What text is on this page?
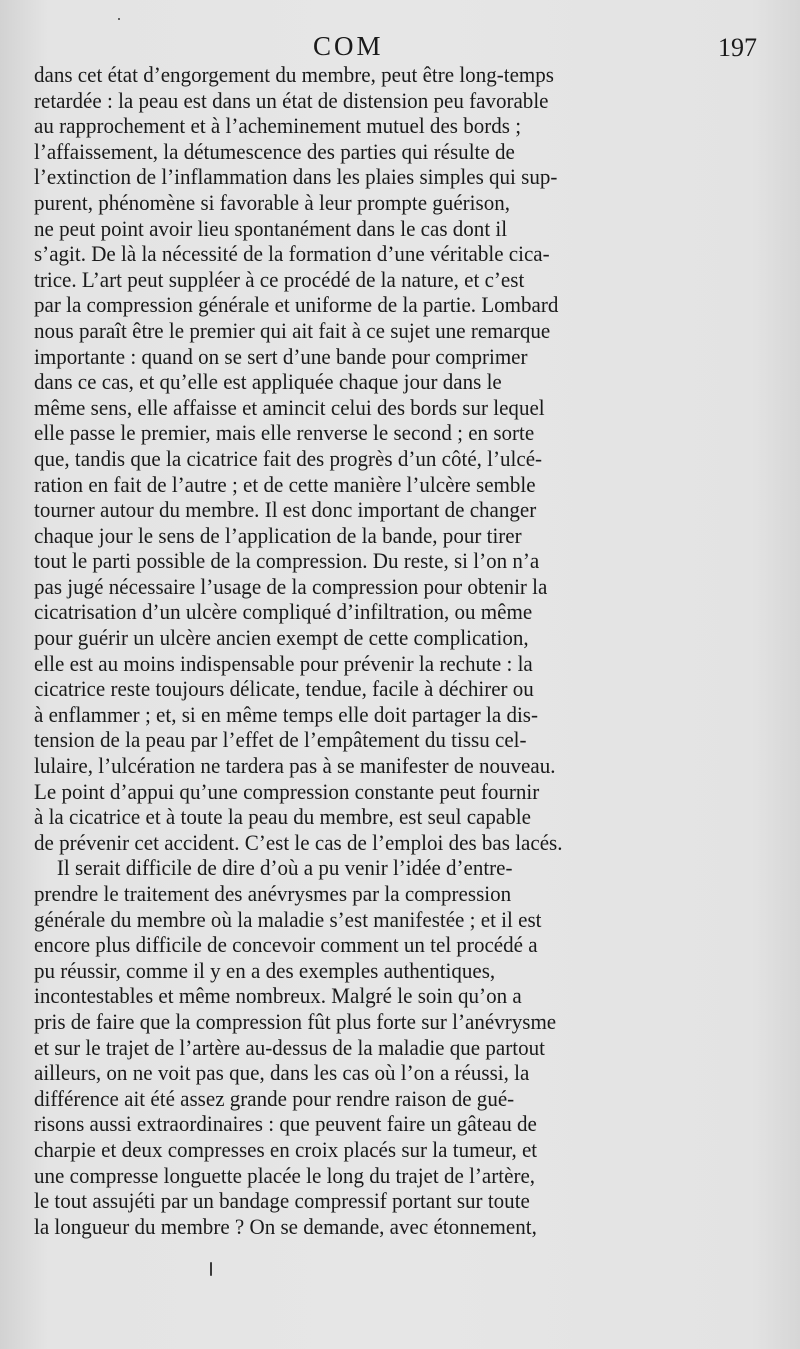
COM	197
dans cet état d’engorgement du membre, peut être long-temps
retardée : la peau est dans un état de distension peu favorable
au rapprochement et à l’acheminement mutuel des bords ;
l’affaissement, la détumescence des parties qui résulte de
l’extinction de l’inflammation dans les plaies simples qui sup-
purent, phénomène si favorable à leur prompte guérison,
ne peut point avoir lieu spontanément dans le cas dont il
s’agit. De là la nécessité de la formation d’une véritable cica-
trice. L’art peut suppléer à ce procédé de la nature, et c’est
par la compression générale et uniforme de la partie. Lombard
nous paraît être le premier qui ait fait à ce sujet une remarque
importante : quand on se sert d’une bande pour comprimer
dans ce cas, et qu’elle est appliquée chaque jour dans le
même sens, elle affaisse et amincit celui des bords sur lequel
elle passe le premier, mais elle renverse le second ; en sorte
que, tandis que la cicatrice fait des progrès d’un côté, l’ulcé-
ration en fait de l’autre ; et de cette manière l’ulcère semble
tourner autour du membre. Il est donc important de changer
chaque jour le sens de l’application de la bande, pour tirer
tout le parti possible de la compression. Du reste, si l’on n’a
pas jugé nécessaire l’usage de la compression pour obtenir la
cicatrisation d’un ulcère compliqué d’infiltration, ou même
pour guérir un ulcère ancien exempt de cette complication,
elle est au moins indispensable pour prévenir la rechute : la
cicatrice reste toujours délicate, tendue, facile à déchirer ou
à enflammer ; et, si en même temps elle doit partager la dis-
tension de la peau par l’effet de l’empâtement du tissu cel-
lulaire, l’ulcération ne tardera pas à se manifester de nouveau.
Le point d’appui qu’une compression constante peut fournir
à la cicatrice et à toute la peau du membre, est seul capable
de prévenir cet accident. C’est le cas de l’emploi des bas lacés.
Il serait difficile de dire d’où a pu venir l’idée d’entre-
prendre le traitement des anévrysmes par la compression
générale du membre où la maladie s’est manifestée ; et il est
encore plus difficile de concevoir comment un tel procédé a
pu réussir, comme il y en a des exemples authentiques,
incontestables et même nombreux. Malgré le soin qu’on a
pris de faire que la compression fût plus forte sur l’anévrysme
et sur le trajet de l’artère au-dessus de la maladie que partout
ailleurs, on ne voit pas que, dans les cas où l’on a réussi, la
différence ait été assez grande pour rendre raison de gué-
risons aussi extraordinaires : que peuvent faire un gâteau de
charpie et deux compresses en croix placés sur la tumeur, et
une compresse longuette placée le long du trajet de l’artère,
le tout assujéti par un bandage compressif portant sur toute
la longueur du membre ? On se demande, avec étonnement,
